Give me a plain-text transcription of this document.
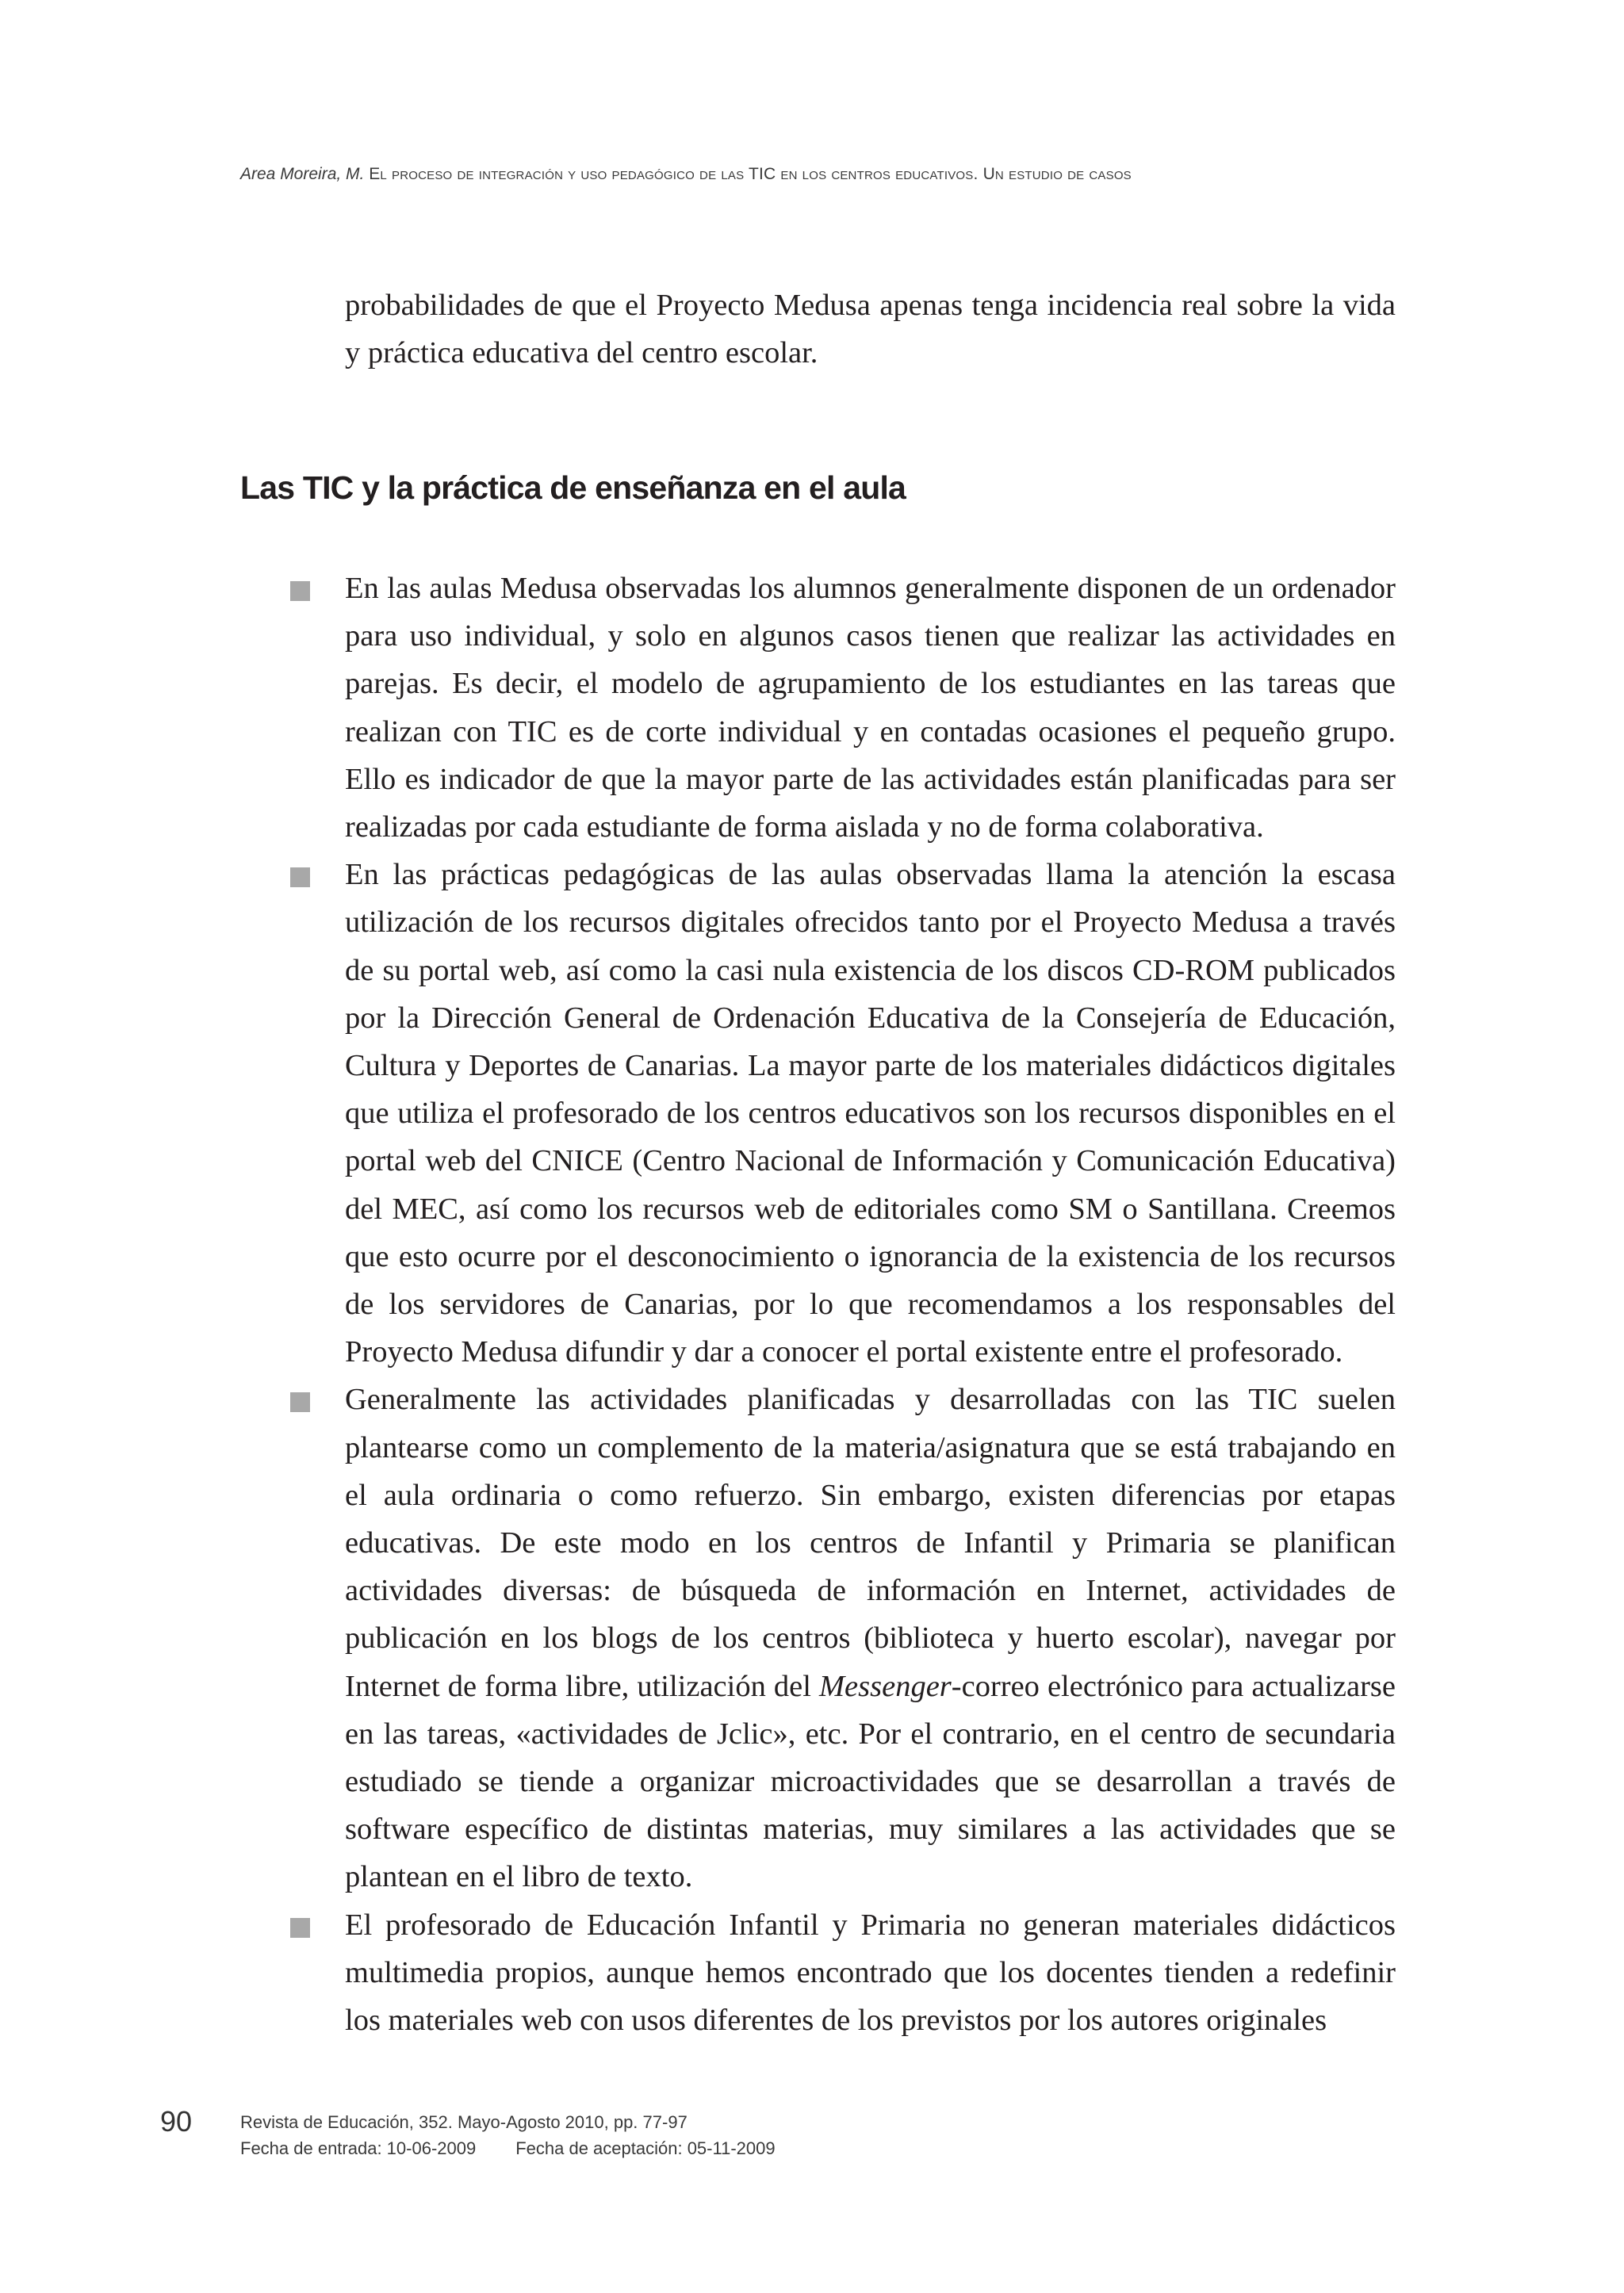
Area Moreira, M. El proceso de integración y uso pedagógico de las TIC en los centros educativos. Un estudio de casos

probabilidades de que el Proyecto Medusa apenas tenga incidencia real sobre la vida y práctica educativa del centro escolar.

Las TIC y la práctica de enseñanza en el aula
En las aulas Medusa observadas los alumnos generalmente disponen de un ordenador para uso individual, y solo en algunos casos tienen que realizar las actividades en parejas. Es decir, el modelo de agrupamiento de los estudiantes en las tareas que realizan con TIC es de corte individual y en contadas ocasiones el pequeño grupo. Ello es indicador de que la mayor parte de las actividades están planificadas para ser realizadas por cada estudiante de forma aislada y no de forma colaborativa.
En las prácticas pedagógicas de las aulas observadas llama la atención la escasa utilización de los recursos digitales ofrecidos tanto por el Proyecto Medusa a través de su portal web, así como la casi nula existencia de los discos CD-ROM publicados por la Dirección General de Ordenación Educativa de la Consejería de Educación, Cultura y Deportes de Canarias. La mayor parte de los materiales didácticos digitales que utiliza el profesorado de los centros educativos son los recursos disponibles en el portal web del CNICE (Centro Nacional de Información y Comunicación Educativa) del MEC, así como los recursos web de editoriales como SM o Santillana. Creemos que esto ocurre por el desconocimiento o ignorancia de la existencia de los recursos de los servidores de Canarias, por lo que recomendamos a los responsables del Proyecto Medusa difundir y dar a conocer el portal existente entre el profesorado.
Generalmente las actividades planificadas y desarrolladas con las TIC suelen plantearse como un complemento de la materia/asignatura que se está trabajando en el aula ordinaria o como refuerzo. Sin embargo, existen diferencias por etapas educativas. De este modo en los centros de Infantil y Primaria se planifican actividades diversas: de búsqueda de información en Internet, actividades de publicación en los blogs de los centros (biblioteca y huerto escolar), navegar por Internet de forma libre, utilización del Messenger-correo electrónico para actualizarse en las tareas, «actividades de Jclic», etc. Por el contrario, en el centro de secundaria estudiado se tiende a organizar microactividades que se desarrollan a través de software específico de distintas materias, muy similares a las actividades que se plantean en el libro de texto.
El profesorado de Educación Infantil y Primaria no generan materiales didácticos multimedia propios, aunque hemos encontrado que los docentes tienden a redefinir los materiales web con usos diferentes de los previstos por los autores originales
90	Revista de Educación, 352. Mayo-Agosto 2010, pp. 77-97
Fecha de entrada: 10-06-2009 Fecha de aceptación: 05-11-2009
